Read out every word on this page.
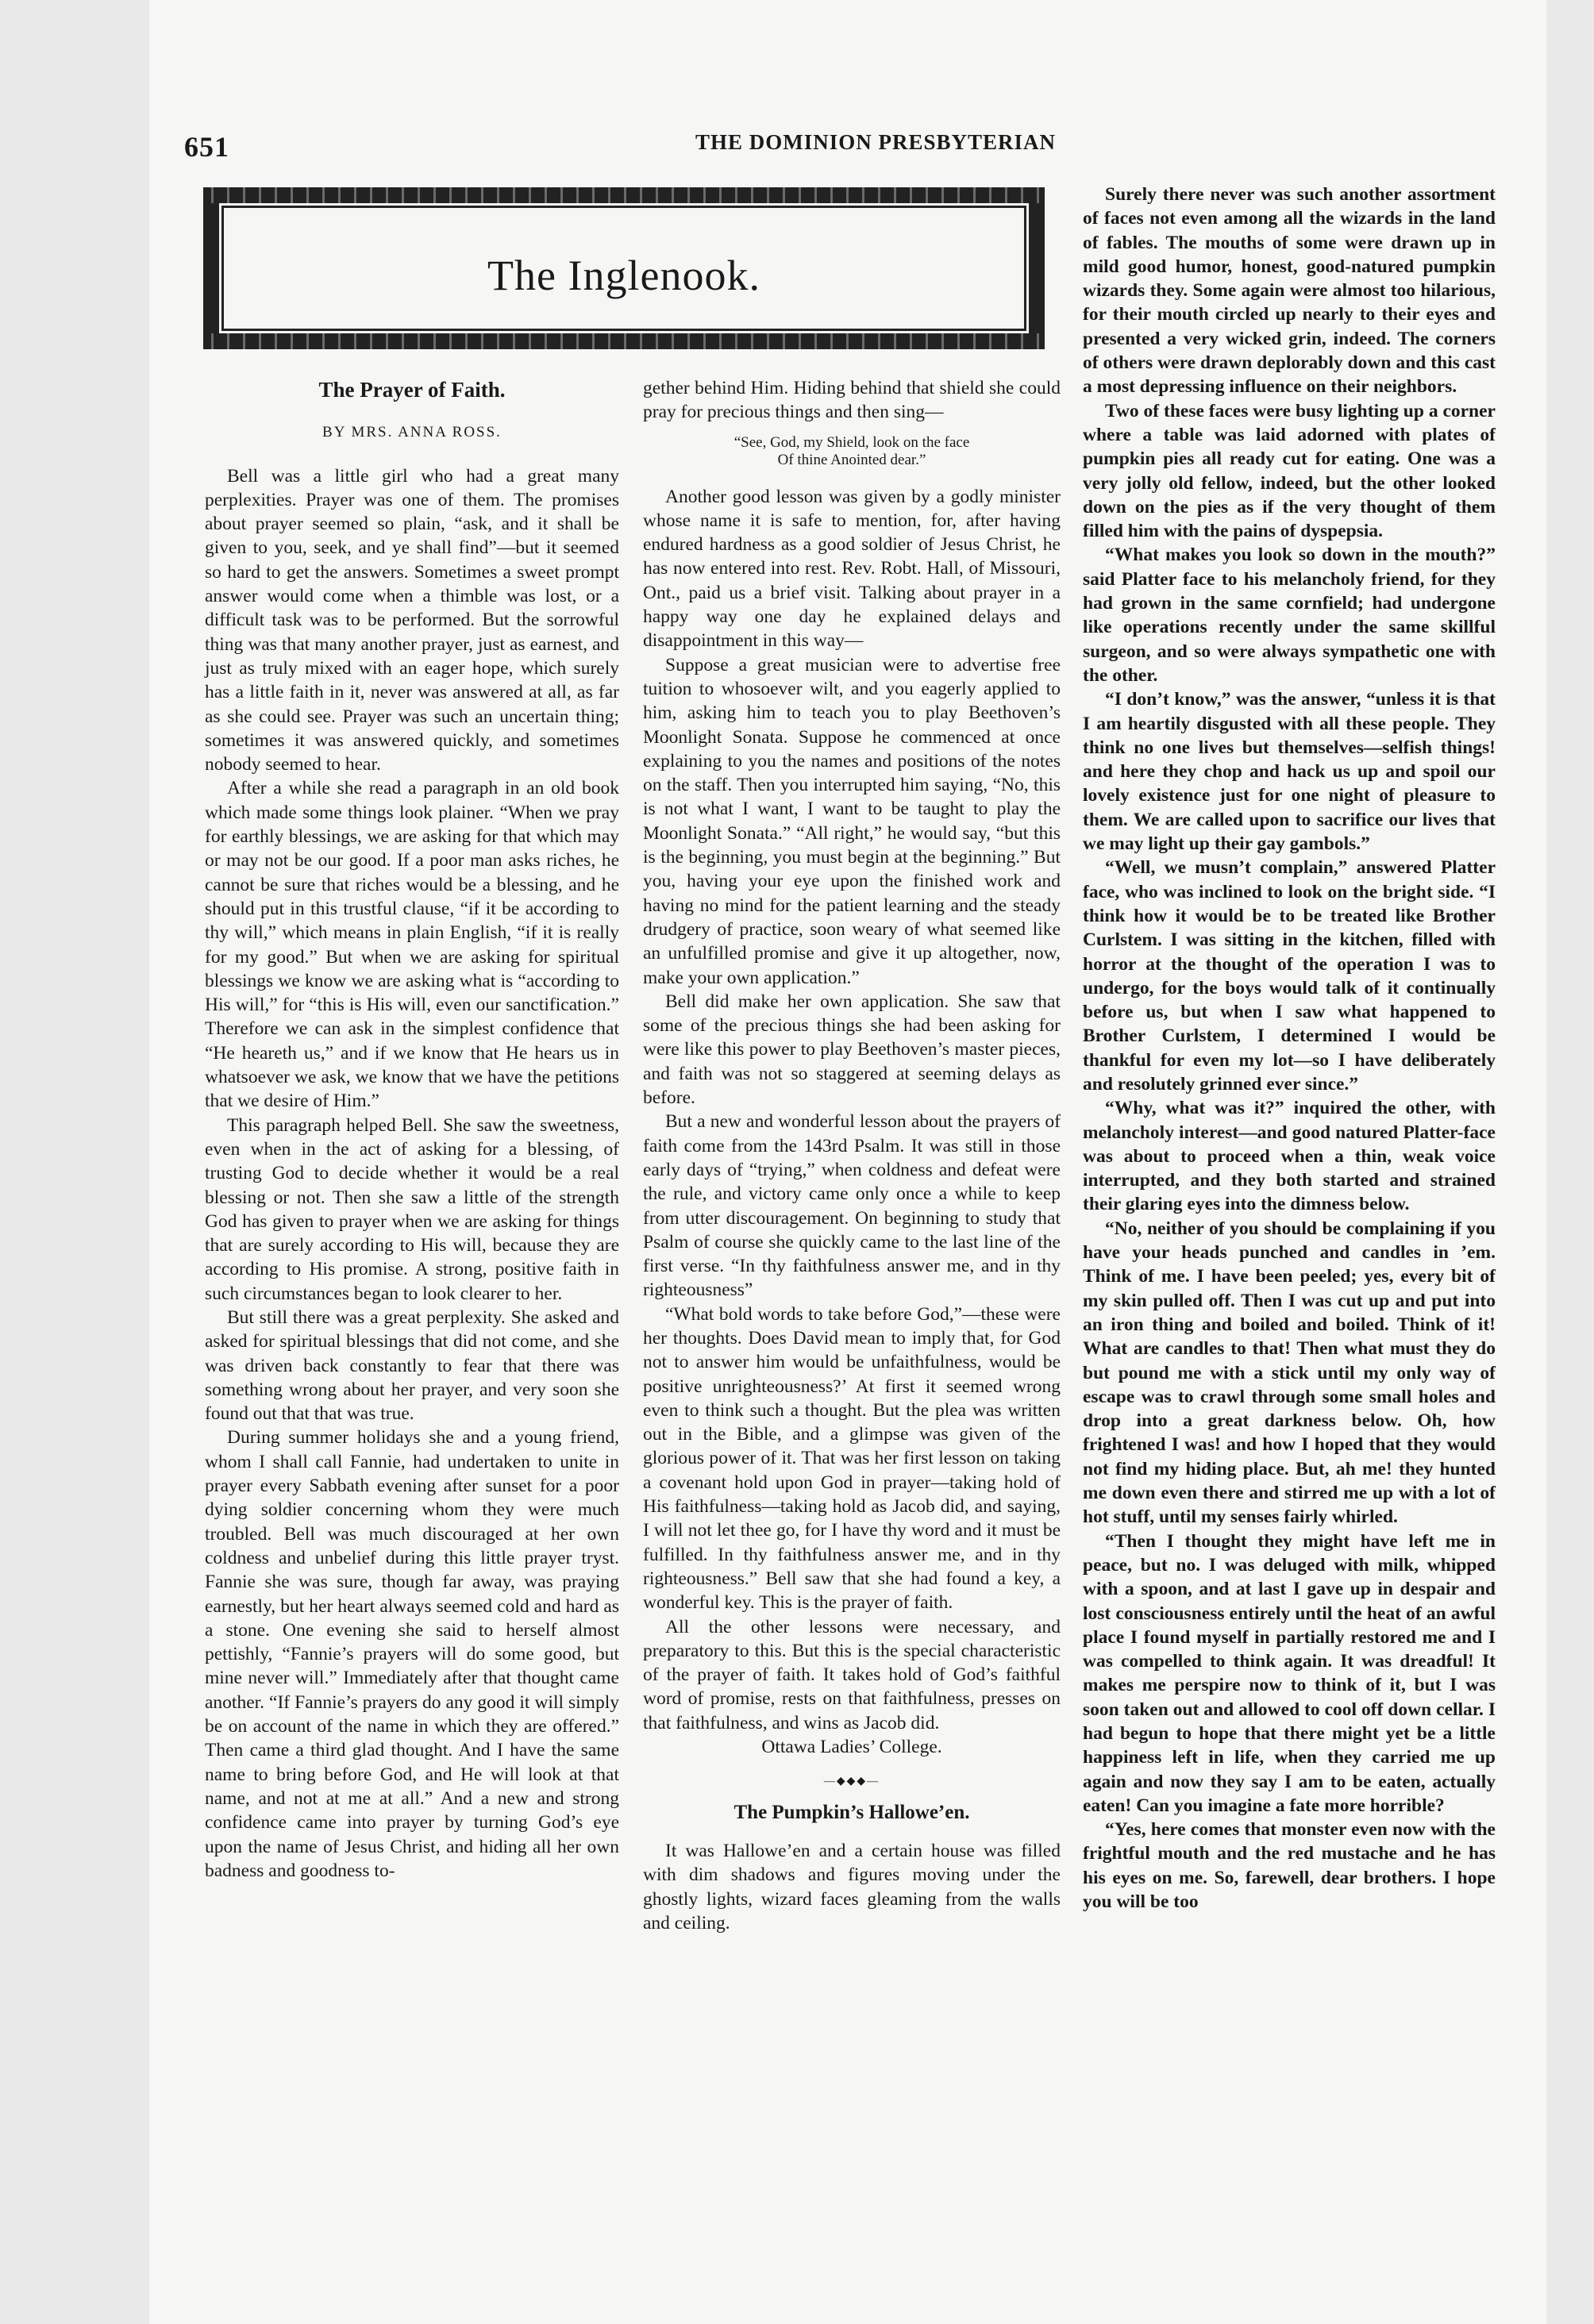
651	THE DOMINION PRESBYTERIAN
The Inglenook.
The Prayer of Faith.
BY MRS. ANNA ROSS.

Bell was a little girl who had a great many perplexities. Prayer was one of them. The promises about prayer seemed so plain, “ask, and it shall be given to you, seek, and ye shall find”—but it seemed so hard to get the answers. Sometimes a sweet prompt answer would come when a thimble was lost, or a difficult task was to be performed. But the sorrowful thing was that many another prayer, just as earnest, and just as truly mixed with an eager hope, which surely has a little faith in it, never was answered at all, as far as she could see. Prayer was such an uncertain thing; sometimes it was answered quickly, and sometimes nobody seemed to hear.

After a while she read a paragraph in an old book which made some things look plainer. “When we pray for earthly blessings, we are asking for that which may or may not be our good. If a poor man asks riches, he cannot be sure that riches would be a blessing, and he should put in this trustful clause, “if it be according to thy will,” which means in plain English, “if it is really for my good.” But when we are asking for spiritual blessings we know we are asking what is “according to His will,” for “this is His will, even our sanctification.” Therefore we can ask in the simplest confidence that “He heareth us,” and if we know that He hears us in whatsoever we ask, we know that we have the petitions that we desire of Him.”

This paragraph helped Bell. She saw the sweetness, even when in the act of asking for a blessing, of trusting God to decide whether it would be a real blessing or not. Then she saw a little of the strength God has given to prayer when we are asking for things that are surely according to His will, because they are according to His promise. A strong, positive faith in such circumstances began to look clearer to her.

But still there was a great perplexity. She asked and asked for spiritual blessings that did not come, and she was driven back constantly to fear that there was something wrong about her prayer, and very soon she found out that that was true.

During summer holidays she and a young friend, whom I shall call Fannie, had undertaken to unite in prayer every Sabbath evening after sunset for a poor dying soldier concerning whom they were much troubled. Bell was much discouraged at her own coldness and unbelief during this little prayer tryst. Fannie she was sure, though far away, was praying earnestly, but her heart always seemed cold and hard as a stone. One evening she said to herself almost pettishly, “Fannie’s prayers will do some good, but mine never will.” Immediately after that thought came another. “If Fannie’s prayers do any good it will simply be on account of the name in which they are offered.” Then came a third glad thought. And I have the same name to bring before God, and He will look at that name, and not at me at all.” And a new and strong confidence came into prayer by turning God’s eye upon the name of Jesus Christ, and hiding all her own badness and goodness to-

gether behind Him. Hiding behind that shield she could pray for precious things and then sing—

“See, God, my Shield, look on the face
Of thine Anointed dear.”

Another good lesson was given by a godly minister whose name it is safe to mention, for, after having endured hardness as a good soldier of Jesus Christ, he has now entered into rest. Rev. Robt. Hall, of Missouri, Ont., paid us a brief visit. Talking about prayer in a happy way one day he explained delays and disappointment in this way—

Suppose a great musician were to advertise free tuition to whosoever wilt, and you eagerly applied to him, asking him to teach you to play Beethoven’s Moonlight Sonata. Suppose he commenced at once explaining to you the names and positions of the notes on the staff. Then you interrupted him saying, “No, this is not what I want, I want to be taught to play the Moonlight Sonata.” “All right,” he would say, “but this is the beginning, you must begin at the beginning.” But you, having your eye upon the finished work and having no mind for the patient learning and the steady drudgery of practice, soon weary of what seemed like an unfulfilled promise and give it up altogether, now, make your own application.”

Bell did make her own application. She saw that some of the precious things she had been asking for were like this power to play Beethoven’s master pieces, and faith was not so staggered at seeming delays as before.

But a new and wonderful lesson about the prayers of faith come from the 143rd Psalm. It was still in those early days of “trying,” when coldness and defeat were the rule, and victory came only once a while to keep from utter discouragement. On beginning to study that Psalm of course she quickly came to the last line of the first verse. “In thy faithfulness answer me, and in thy righteousness”

“What bold words to take before God,”—these were her thoughts. Does David mean to imply that, for God not to answer him would be unfaithfulness, would be positive unrighteousness?’ At first it seemed wrong even to think such a thought. But the plea was written out in the Bible, and a glimpse was given of the glorious power of it. That was her first lesson on taking a covenant hold upon God in prayer—taking hold of His faithfulness—taking hold as Jacob did, and saying, I will not let thee go, for I have thy word and it must be fulfilled. In thy faithfulness answer me, and in thy righteousness.” Bell saw that she had found a key, a wonderful key. This is the prayer of faith.

All the other lessons were necessary, and preparatory to this. But this is the special characteristic of the prayer of faith. It takes hold of God’s faithful word of promise, rests on that faithfulness, presses on that faithfulness, and wins as Jacob did.

Ottawa Ladies’ College.

—◆◆◆—
The Pumpkin’s Hallowe’en.

It was Hallowe’en and a certain house was filled with dim shadows and figures moving under the ghostly lights, wizard faces gleaming from the walls and ceiling.

Surely there never was such another assortment of faces not even among all the wizards in the land of fables. The mouths of some were drawn up in mild good humor, honest, good-natured pumpkin wizards they. Some again were almost too hilarious, for their mouth circled up nearly to their eyes and presented a very wicked grin, indeed. The corners of others were drawn deplorably down and this cast a most depressing influence on their neighbors.

Two of these faces were busy lighting up a corner where a table was laid adorned with plates of pumpkin pies all ready cut for eating. One was a very jolly old fellow, indeed, but the other looked down on the pies as if the very thought of them filled him with the pains of dyspepsia.

“What makes you look so down in the mouth?” said Platter face to his melancholy friend, for they had grown in the same cornfield; had undergone like operations recently under the same skillful surgeon, and so were always sympathetic one with the other.

“I don’t know,” was the answer, “unless it is that I am heartily disgusted with all these people. They think no one lives but themselves—selfish things! and here they chop and hack us up and spoil our lovely existence just for one night of pleasure to them. We are called upon to sacrifice our lives that we may light up their gay gambols.”

“Well, we musn’t complain,” answered Platter face, who was inclined to look on the bright side. “I think how it would be to be treated like Brother Curlstem. I was sitting in the kitchen, filled with horror at the thought of the operation I was to undergo, for the boys would talk of it continually before us, but when I saw what happened to Brother Curlstem, I determined I would be thankful for even my lot—so I have deliberately and resolutely grinned ever since.”

“Why, what was it?” inquired the other, with melancholy interest—and good natured Platter-face was about to proceed when a thin, weak voice interrupted, and they both started and strained their glaring eyes into the dimness below.

“No, neither of you should be complaining if you have your heads punched and candles in ’em. Think of me. I have been peeled; yes, every bit of my skin pulled off. Then I was cut up and put into an iron thing and boiled and boiled. Think of it! What are candles to that! Then what must they do but pound me with a stick until my only way of escape was to crawl through some small holes and drop into a great darkness below. Oh, how frightened I was! and how I hoped that they would not find my hiding place. But, ah me! they hunted me down even there and stirred me up with a lot of hot stuff, until my senses fairly whirled.

“Then I thought they might have left me in peace, but no. I was deluged with milk, whipped with a spoon, and at last I gave up in despair and lost consciousness entirely until the heat of an awful place I found myself in partially restored me and I was compelled to think again. It was dreadful! It makes me perspire now to think of it, but I was soon taken out and allowed to cool off down cellar. I had begun to hope that there might yet be a little happiness left in life, when they carried me up again and now they say I am to be eaten, actually eaten! Can you imagine a fate more horrible?

“Yes, here comes that monster even now with the frightful mouth and the red mustache and he has his eyes on me. So, farewell, dear brothers. I hope you will be too
